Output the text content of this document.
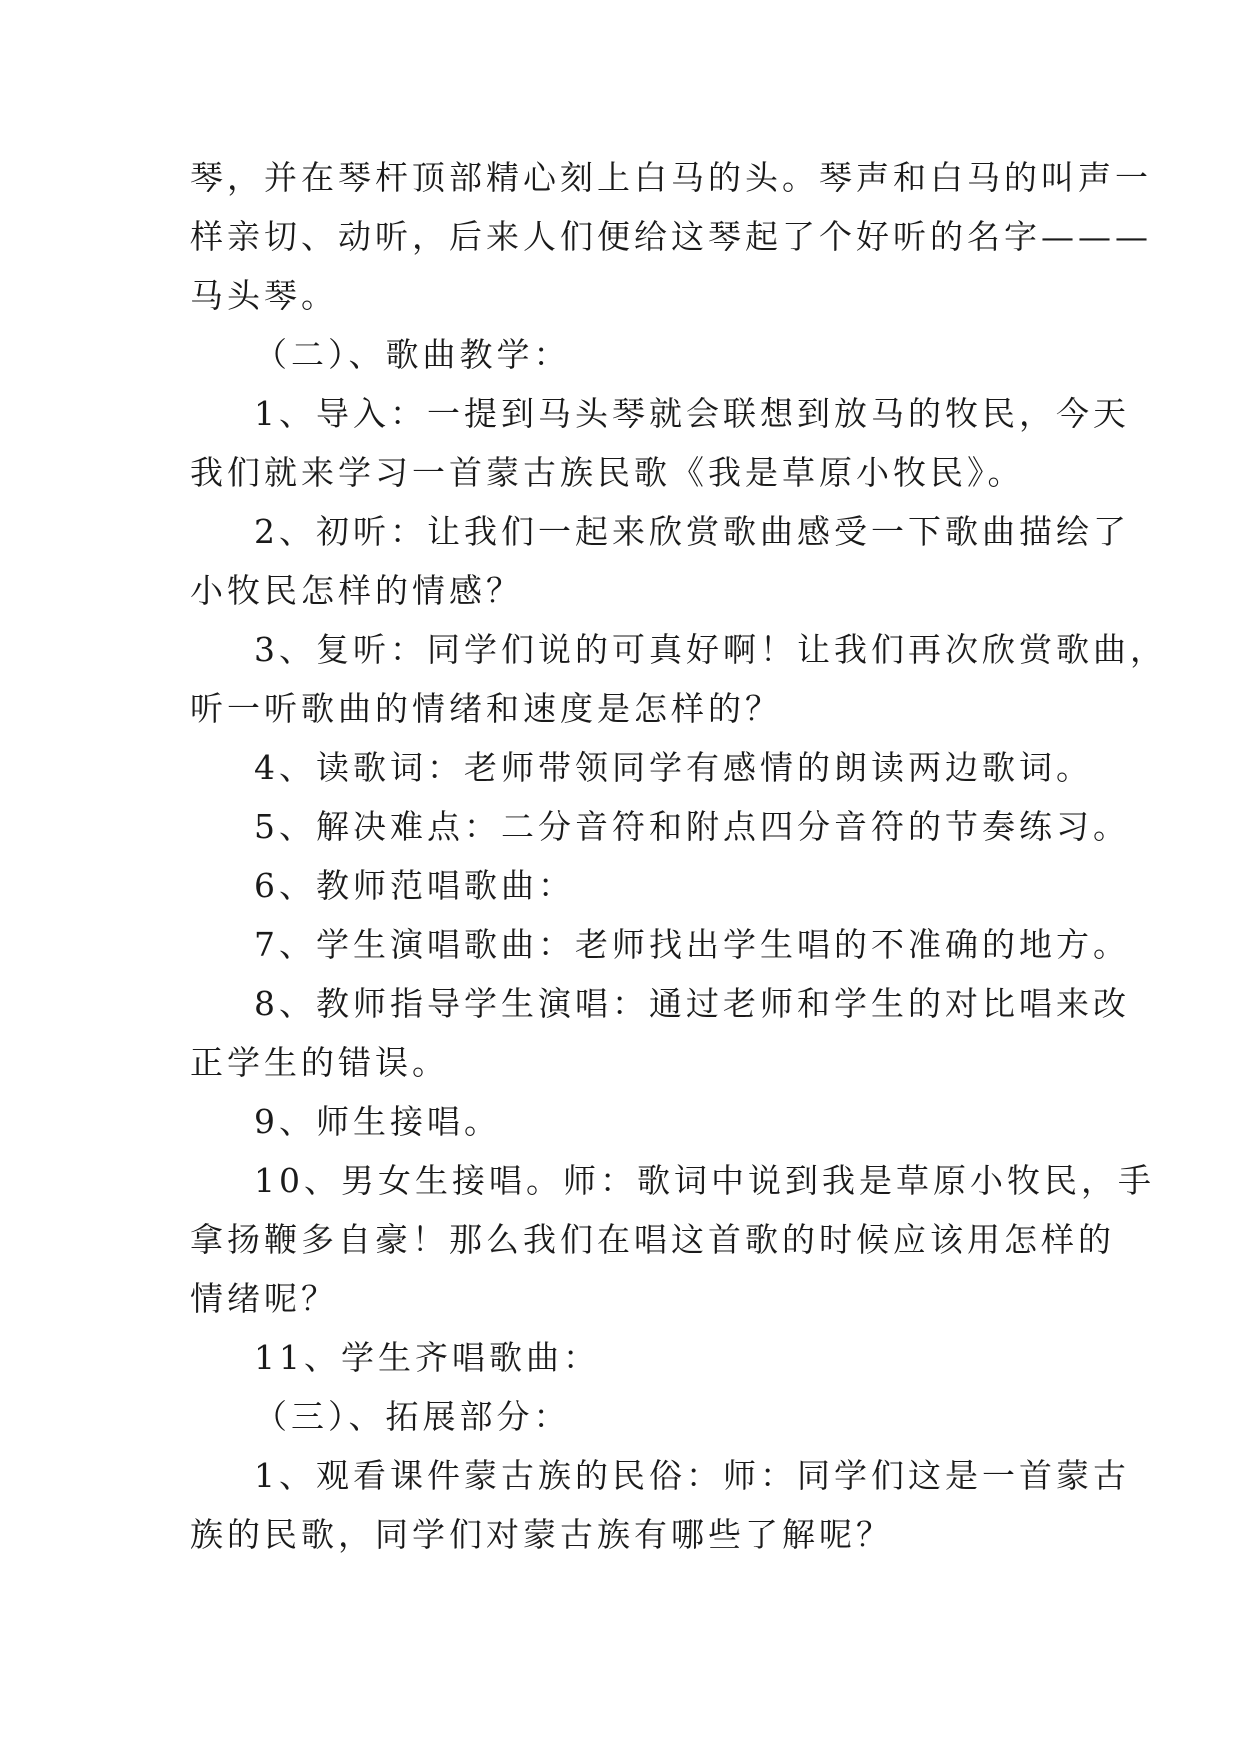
琴，并在琴杆顶部精心刻上白马的头。琴声和白马的叫声一
样亲切、动听，后来人们便给这琴起了个好听的名字———
马头琴。
（二）、歌曲教学：
1、导入：一提到马头琴就会联想到放马的牧民，今天
我们就来学习一首蒙古族民歌《我是草原小牧民》。
2、初听：让我们一起来欣赏歌曲感受一下歌曲描绘了
小牧民怎样的情感？
3、复听：同学们说的可真好啊！让我们再次欣赏歌曲，
听一听歌曲的情绪和速度是怎样的？
4、读歌词：老师带领同学有感情的朗读两边歌词。
5、解决难点：二分音符和附点四分音符的节奏练习。
6、教师范唱歌曲：
7、学生演唱歌曲：老师找出学生唱的不准确的地方。
8、教师指导学生演唱：通过老师和学生的对比唱来改
正学生的错误。
9、师生接唱。
10、男女生接唱。师：歌词中说到我是草原小牧民，手
拿扬鞭多自豪！那么我们在唱这首歌的时候应该用怎样的
情绪呢？
11、学生齐唱歌曲：
（三）、拓展部分：
1、观看课件蒙古族的民俗：师：同学们这是一首蒙古
族的民歌，同学们对蒙古族有哪些了解呢？
